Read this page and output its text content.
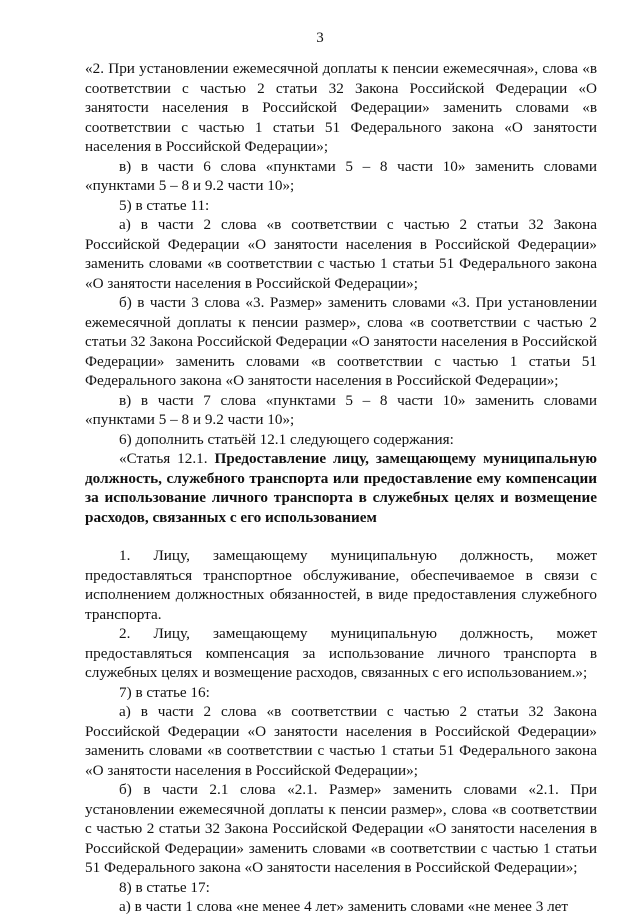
3

«2. При установлении ежемесячной доплаты к пенсии ежемесячная», слова «в соответствии с частью 2 статьи 32 Закона Российской Федерации «О занятости населения в Российской Федерации» заменить словами «в соответствии с частью 1 статьи 51 Федерального закона «О занятости населения в Российской Федерации»;

в) в части 6 слова «пунктами 5 – 8 части 10» заменить словами «пунктами 5 – 8 и 9.2 части 10»;

5) в статье 11:

а) в части 2 слова «в соответствии с частью 2 статьи 32 Закона Российской Федерации «О занятости населения в Российской Федерации» заменить словами «в соответствии с частью 1 статьи 51 Федерального закона «О занятости населения в Российской Федерации»;

б) в части 3 слова «3. Размер» заменить словами «3. При установлении ежемесячной доплаты к пенсии размер», слова «в соответствии с частью 2 статьи 32 Закона Российской Федерации «О занятости населения в Российской Федерации» заменить словами «в соответствии с частью 1 статьи 51 Федерального закона «О занятости населения в Российской Федерации»;

в) в части 7 слова «пунктами 5 – 8 части 10» заменить словами «пунктами 5 – 8 и 9.2 части 10»;

6) дополнить статьёй 12.1 следующего содержания:

«Статья 12.1. Предоставление лицу, замещающему муниципальную должность, служебного транспорта или предоставление ему компенсации за использование личного транспорта в служебных целях и возмещение расходов, связанных с его использованием

1. Лицу, замещающему муниципальную должность, может предоставляться транспортное обслуживание, обеспечиваемое в связи с исполнением должностных обязанностей, в виде предоставления служебного транспорта.

2. Лицу, замещающему муниципальную должность, может предоставляться компенсация за использование личного транспорта в служебных целях и возмещение расходов, связанных с его использованием.»;

7) в статье 16:

а) в части 2 слова «в соответствии с частью 2 статьи 32 Закона Российской Федерации «О занятости населения в Российской Федерации» заменить словами «в соответствии с частью 1 статьи 51 Федерального закона «О занятости населения в Российской Федерации»;

б) в части 2.1 слова «2.1. Размер» заменить словами «2.1. При установлении ежемесячной доплаты к пенсии размер», слова «в соответствии с частью 2 статьи 32 Закона Российской Федерации «О занятости населения в Российской Федерации» заменить словами «в соответствии с частью 1 статьи 51 Федерального закона «О занятости населения в Российской Федерации»;

8) в статье 17:

а) в части 1 слова «не менее 4 лет» заменить словами «не менее 3 лет
